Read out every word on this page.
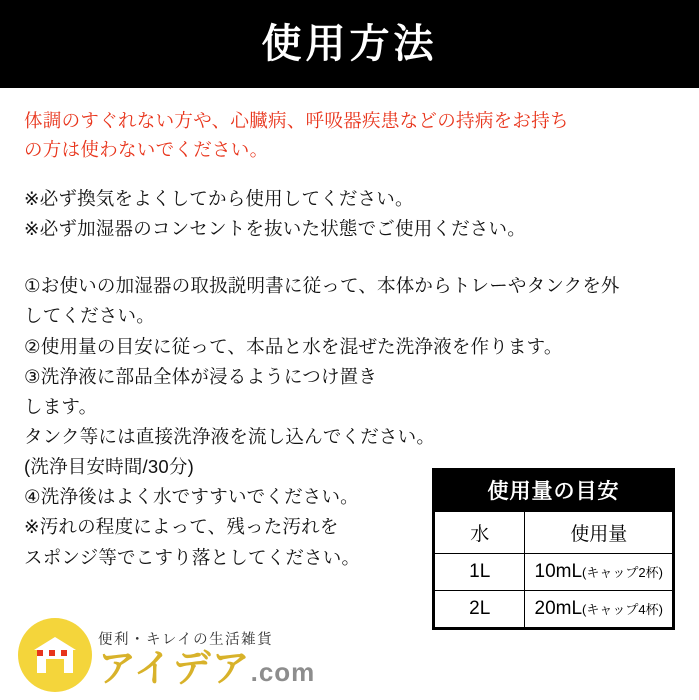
使用方法

体調のすぐれない方や、心臓病、呼吸器疾患などの持病をお持ち

の方は使わないでください。

※必ず換気をよくしてから使用してください。

※必ず加湿器のコンセントを抜いた状態でご使用ください。

①お使いの加湿器の取扱説明書に従って、本体からトレーやタンクを外

してください。

②使用量の目安に従って、本品と水を混ぜた洗浄液を作ります。

③洗浄液に部品全体が浸るようにつけ置き

します。

タンク等には直接洗浄液を流し込んでください。

(洗浄目安時間/30分)

④洗浄後はよく水ですすいでください。

※汚れの程度によって、残った汚れを

スポンジ等でこすり落としてください。

使用量の目安
水	使用量
1L	10mL(キャップ2杯)
2L	20mL(キャップ4杯)
便利・キレイの生活雑貨
アイデア.com
